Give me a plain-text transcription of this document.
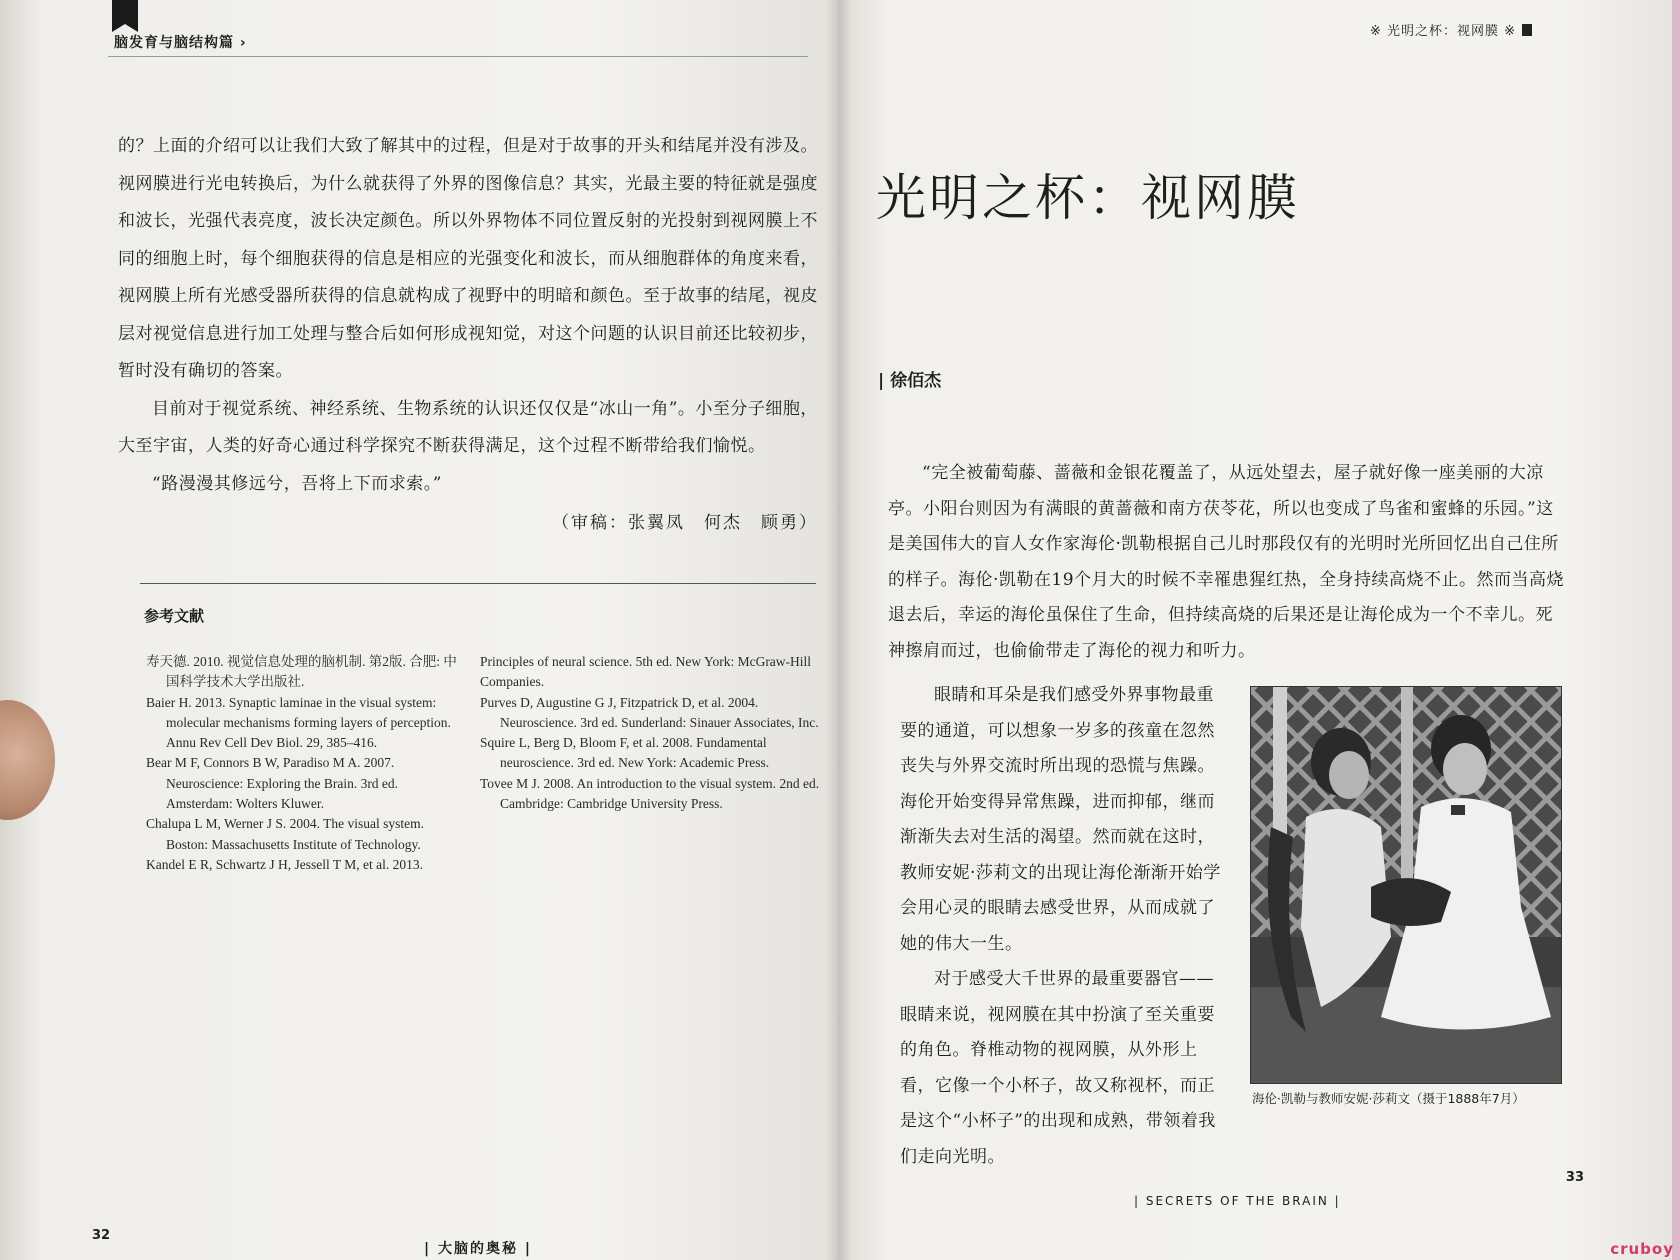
脑发育与脑结构篇 ›

的？上面的介绍可以让我们大致了解其中的过程，但是对于故事的开头和结尾并没有涉及。视网膜进行光电转换后，为什么就获得了外界的图像信息？其实，光最主要的特征就是强度和波长，光强代表亮度，波长决定颜色。所以外界物体不同位置反射的光投射到视网膜上不同的细胞上时，每个细胞获得的信息是相应的光强变化和波长，而从细胞群体的角度来看，视网膜上所有光感受器所获得的信息就构成了视野中的明暗和颜色。至于故事的结尾，视皮层对视觉信息进行加工处理与整合后如何形成视知觉，对这个问题的认识目前还比较初步，暂时没有确切的答案。

目前对于视觉系统、神经系统、生物系统的认识还仅仅是“冰山一角”。小至分子细胞，大至宇宙，人类的好奇心通过科学探究不断获得满足，这个过程不断带给我们愉悦。

“路漫漫其修远兮，吾将上下而求索。”

（审稿：张翼凤　何杰　顾勇）
参考文献
寿天德. 2010. 视觉信息处理的脑机制. 第2版. 合肥: 中国科学技术大学出版社.
Baier H. 2013. Synaptic laminae in the visual system: molecular mechanisms forming layers of perception. Annu Rev Cell Dev Biol. 29, 385–416.
Bear M F, Connors B W, Paradiso M A. 2007. Neuroscience: Exploring the Brain. 3rd ed. Amsterdam: Wolters Kluwer.
Chalupa L M, Werner J S. 2004. The visual system. Boston: Massachusetts Institute of Technology.
Kandel E R, Schwartz J H, Jessell T M, et al. 2013.
Principles of neural science. 5th ed. New York: McGraw-Hill Companies.
Purves D, Augustine G J, Fitzpatrick D, et al. 2004. Neuroscience. 3rd ed. Sunderland: Sinauer Associates, Inc.
Squire L, Berg D, Bloom F, et al. 2008. Fundamental neuroscience. 3rd ed. New York: Academic Press.
Tovee M J. 2008. An introduction to the visual system. 2nd ed. Cambridge: Cambridge University Press.
32
| 大脑的奥秘 |
※ 光明之杯：视网膜 ※
光明之杯：视网膜
| 徐佰杰

“完全被葡萄藤、蔷薇和金银花覆盖了，从远处望去，屋子就好像一座美丽的大凉亭。小阳台则因为有满眼的黄蔷薇和南方茯苓花，所以也变成了鸟雀和蜜蜂的乐园。”这是美国伟大的盲人女作家海伦·凯勒根据自己儿时那段仅有的光明时光所回忆出自己住所的样子。海伦·凯勒在19个月大的时候不幸罹患猩红热，全身持续高烧不止。然而当高烧退去后，幸运的海伦虽保住了生命，但持续高烧的后果还是让海伦成为一个不幸儿。死神擦肩而过，也偷偷带走了海伦的视力和听力。

眼睛和耳朵是我们感受外界事物最重要的通道，可以想象一岁多的孩童在忽然丧失与外界交流时所出现的恐慌与焦躁。海伦开始变得异常焦躁，进而抑郁，继而渐渐失去对生活的渴望。然而就在这时，教师安妮·莎莉文的出现让海伦渐渐开始学会用心灵的眼睛去感受世界，从而成就了她的伟大一生。

对于感受大千世界的最重要器官——眼睛来说，视网膜在其中扮演了至关重要的角色。脊椎动物的视网膜，从外形上看，它像一个小杯子，故又称视杯，而正是这个“小杯子”的出现和成熟，带领着我们走向光明。

海伦·凯勒与教师安妮·莎莉文（摄于1888年7月）
33
| SECRETS OF THE BRAIN |
cruboy
